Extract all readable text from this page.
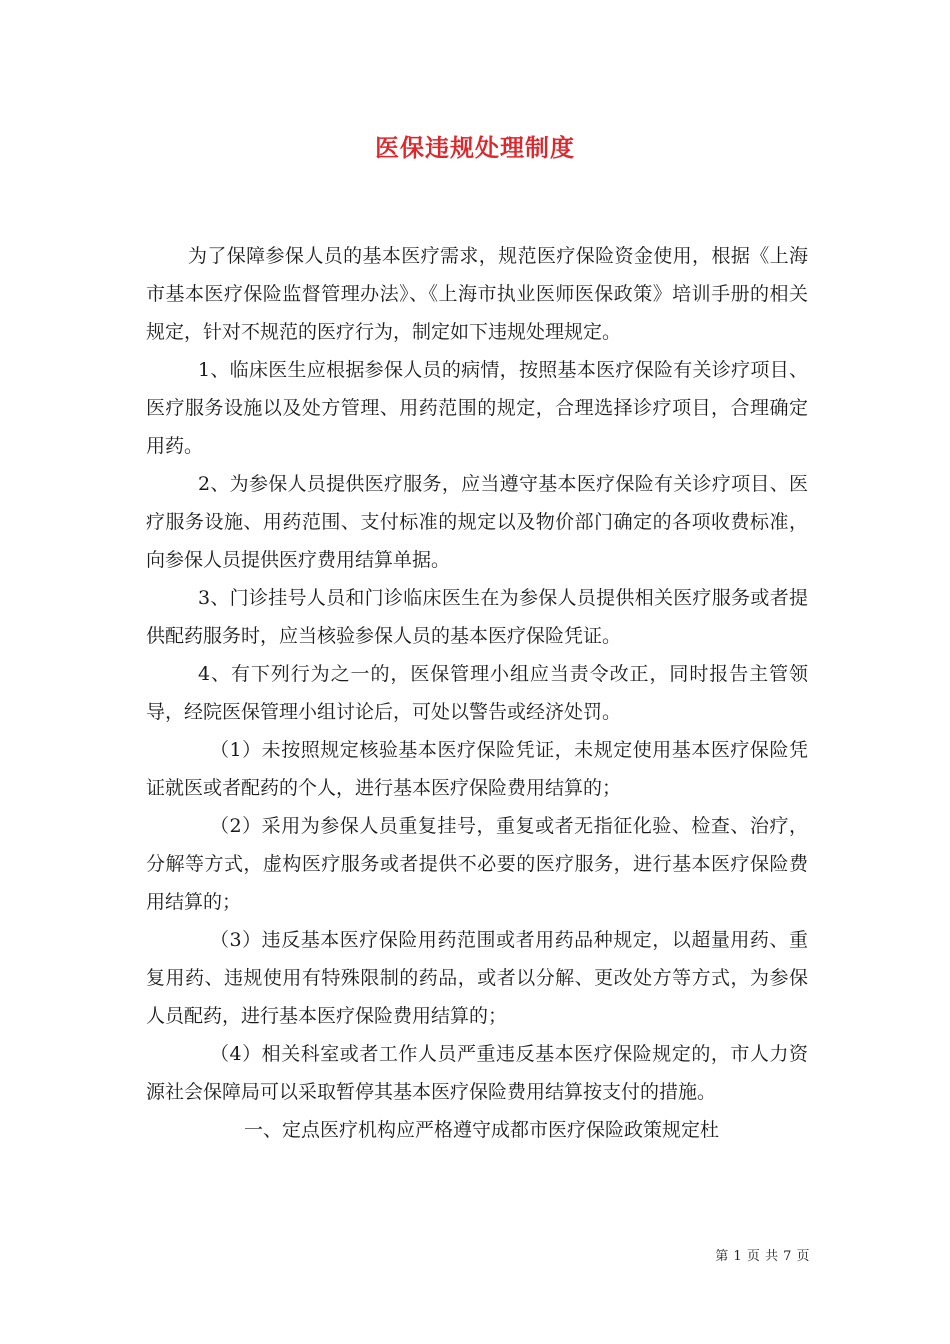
医保违规处理制度

为了保障参保人员的基本医疗需求，规范医疗保险资金使用，根据《上海市基本医疗保险监督管理办法》、《上海市执业医师医保政策》培训手册的相关规定，针对不规范的医疗行为，制定如下违规处理规定。

1、临床医生应根据参保人员的病情，按照基本医疗保险有关诊疗项目、医疗服务设施以及处方管理、用药范围的规定，合理选择诊疗项目，合理确定用药。

2、为参保人员提供医疗服务，应当遵守基本医疗保险有关诊疗项目、医疗服务设施、用药范围、支付标准的规定以及物价部门确定的各项收费标准，向参保人员提供医疗费用结算单据。

3、门诊挂号人员和门诊临床医生在为参保人员提供相关医疗服务或者提供配药服务时，应当核验参保人员的基本医疗保险凭证。

4、有下列行为之一的，医保管理小组应当责令改正，同时报告主管领导，经院医保管理小组讨论后，可处以警告或经济处罚。

（1）未按照规定核验基本医疗保险凭证，未规定使用基本医疗保险凭证就医或者配药的个人，进行基本医疗保险费用结算的；

（2）采用为参保人员重复挂号，重复或者无指征化验、检查、治疗，分解等方式，虚构医疗服务或者提供不必要的医疗服务，进行基本医疗保险费用结算的；

（3）违反基本医疗保险用药范围或者用药品种规定，以超量用药、重复用药、违规使用有特殊限制的药品，或者以分解、更改处方等方式，为参保人员配药，进行基本医疗保险费用结算的；

（4）相关科室或者工作人员严重违反基本医疗保险规定的，市人力资源社会保障局可以采取暂停其基本医疗保险费用结算按支付的措施。

一、定点医疗机构应严格遵守成都市医疗保险政策规定杜

第 1 页 共 7 页
